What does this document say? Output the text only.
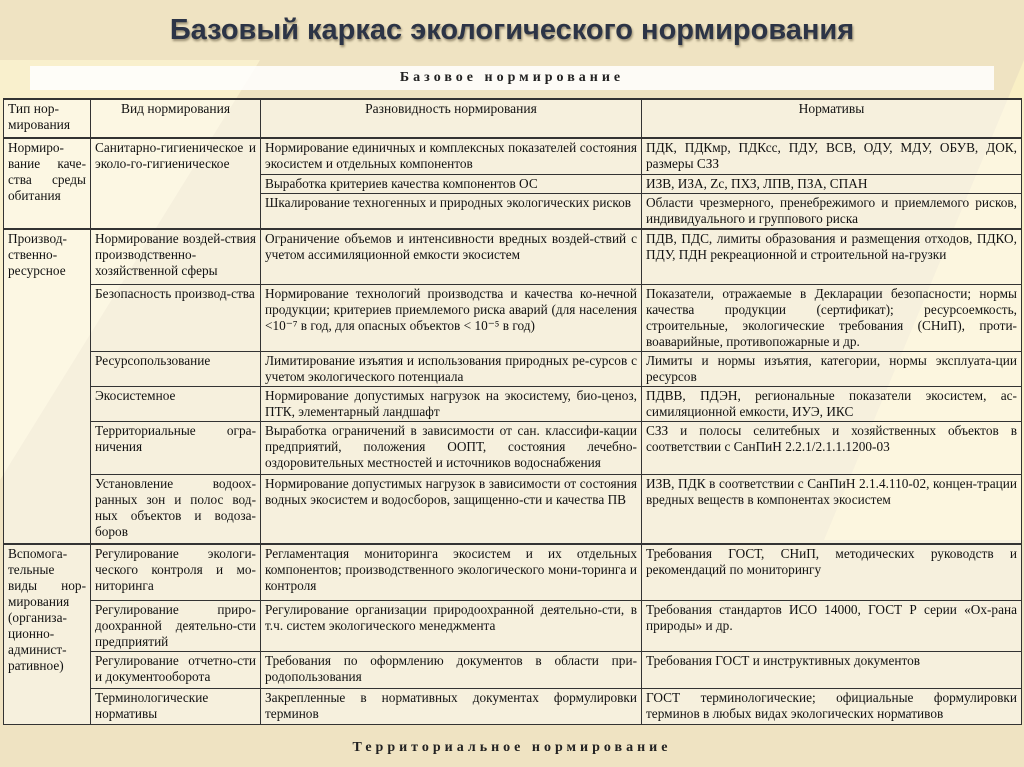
Базовый каркас экологического нормирования
Базовое нормирование
Тип нор-мирования	Вид нормирования	Разновидность нормирования	Нормативы
Нормиро-вание каче-ства среды обитания	Санитарно-гигиеническое и эколо-го-гигиеническое	Нормирование единичных и комплексных показателей состояния экосистем и отдельных компонентов	ПДК, ПДКмр, ПДКсс, ПДУ, ВСВ, ОДУ, МДУ, ОБУВ, ДОК, размеры СЗЗ
		Выработка критериев качества компонентов ОС	ИЗВ, ИЗА, Zc, ПХЗ, ЛПВ, ПЗА, СПАН
		Шкалирование техногенных и природных экологических рисков	Области чрезмерного, пренебрежимого и приемлемого рисков, индивидуального и группового риска
Производ-ственно-ресурсное	Нормирование воздей-ствия производственно-хозяйственной сферы	Ограничение объемов и интенсивности вредных воздей-ствий с учетом ассимиляционной емкости экосистем	ПДВ, ПДС, лимиты образования и размещения отходов, ПДКО, ПДУ, ПДН рекреационной и строительной на-грузки
	Безопасность производ-ства	Нормирование технологий производства и качества ко-нечной продукции; критериев приемлемого риска аварий (для населения <10⁻⁷ в год, для опасных объектов < 10⁻⁵ в год)	Показатели, отражаемые в Декларации безопасности; нормы качества продукции (сертификат); ресурсоемкость, строительные, экологические требования (СНиП), проти-воаварийные, противопожарные и др.
	Ресурсопользование	Лимитирование изъятия и использования природных ре-сурсов с учетом экологического потенциала	Лимиты и нормы изъятия, категории, нормы эксплуата-ции ресурсов
	Экосистемное	Нормирование допустимых нагрузок на экосистему, био-ценоз, ПТК, элементарный ландшафт	ПДВВ, ПДЭН, региональные показатели экосистем, ас-симиляционной емкости, ИУЭ, ИКС
	Территориальные огра-ничения	Выработка ограничений в зависимости от сан. классифи-кации предприятий, положения ООПТ, состояния лечебно-оздоровительных местностей и источников водоснабжения	СЗЗ и полосы селитебных и хозяйственных объектов в соответствии с СанПиН 2.2.1/2.1.1.1200-03
	Установление водоох-ранных зон и полос вод-ных объектов и водоза-боров	Нормирование допустимых нагрузок в зависимости от состояния водных экосистем и водосборов, защищенно-сти и качества ПВ	ИЗВ, ПДК в соответствии с СанПиН 2.1.4.110-02, концен-трации вредных веществ в компонентах экосистем
Вспомога-тельные виды нор-мирования (организа-ционно-админист-ративное)	Регулирование экологи-ческого контроля и мо-ниторинга	Регламентация мониторинга экосистем и их отдельных компонентов; производственного экологического мони-торинга и контроля	Требования ГОСТ, СНиП, методических руководств и рекомендаций по мониторингу
	Регулирование приро-доохранной деятельно-сти предприятий	Регулирование организации природоохранной деятельно-сти, в т.ч. систем экологического менеджмента	Требования стандартов ИСО 14000, ГОСТ Р серии «Ох-рана природы» и др.
	Регулирование отчетно-сти и документооборота	Требования по оформлению документов в области при-родопользования	Требования ГОСТ и инструктивных документов
	Терминологические нормативы	Закрепленные в нормативных документах формулировки терминов	ГОСТ терминологические; официальные формулировки терминов в любых видах экологических нормативов
Территориальное нормирование
